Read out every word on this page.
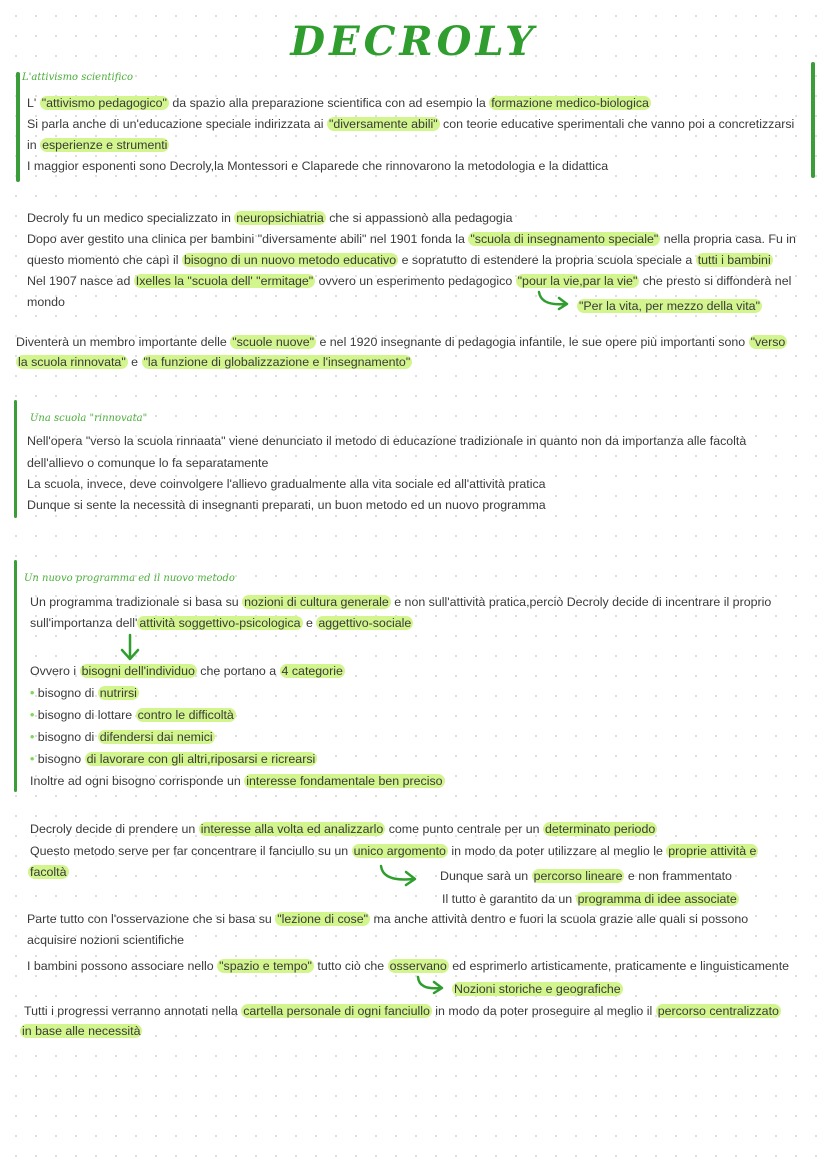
DECROLY
L'attivismo scientifico
L' "attivismo pedagogico" da spazio alla preparazione scientifica con ad esempio la formazione medico-biologica
Si parla anche di un'educazione speciale indirizzata ai "diversamente abili" con teorie educative sperimentali che vanno poi a concretizzarsi
in esperienze e strumenti
I maggior esponenti sono Decroly,la Montessori e Claparede che rinnovarono la metodologia e la didattica
Decroly fu un medico specializzato in neuropsichiatria che si appassionò alla pedagogia
Dopo aver gestito una clinica per bambini "diversamente abili" nel 1901 fonda la "scuola di insegnamento speciale" nella propria casa. Fu in
questo momento che capì il bisogno di un nuovo metodo educativo e sopratutto di estendere la propria scuola speciale a tutti i bambini
Nel 1907 nasce ad Ixelles la "scuola dell' "ermitage" ovvero un esperimento pedagogico "pour la vie,par la vie" che presto si diffonderà nel
mondo	"Per la vita, per mezzo della vita"
Diventerà un membro importante delle "scuole nuove" e nel 1920 insegnante di pedagogia infantile, le sue opere più importanti sono "verso
la scuola rinnovata" e "la funzione di globalizzazione e l'insegnamento"
Una scuola "rinnovata"
Nell'opera "verso la scuola rinnaata" viene denunciato il metodo di educazione tradizionale in quanto non da importanza alle facoltà
dell'allievo o comunque lo fa separatamente
La scuola, invece, deve coinvolgere l'allievo gradualmente alla vita sociale ed all'attività pratica
Dunque si sente la necessità di insegnanti preparati, un buon metodo ed un nuovo programma
Un nuovo programma ed il nuovo metodo
Un programma tradizionale si basa su nozioni di cultura generale e non sull'attività pratica,perciò Decroly decide di incentrare il proprio
sull'importanza dell' attività soggettivo-psicologica e aggettivo-sociale
Ovvero i bisogni dell'individuo che portano a 4 categorie
• bisogno di nutrirsi
• bisogno di lottare contro le difficoltà
• bisogno di difendersi dai nemici
• bisogno di lavorare con gli altri,riposarsi e ricrearsi
Inoltre ad ogni bisogno corrisponde un interesse fondamentale ben preciso
Decroly decide di prendere un interesse alla volta ed analizzarlo come punto centrale per un determinato periodo
Questo metodo serve per far concentrare il fanciullo su un unico argomento in modo da poter utilizzare al meglio le proprie attività e
facoltà	Dunque sarà un percorso lineare e non frammentato
Il tutto è garantito da un programma di idee associate
Parte tutto con l'osservazione che si basa su "lezione di cose" ma anche attività dentro e fuori la scuola grazie alle quali si possono
acquisire nozioni scientifiche
I bambini possono associare nello "spazio e tempo" tutto ciò che osservano ed esprimerlo artisticamente, praticamente e linguisticamente
Nozioni storiche e geografiche
Tutti i progressi verranno annotati nella cartella personale di ogni fanciullo in modo da poter proseguire al meglio il percorso centralizzato
in base alle necessità
